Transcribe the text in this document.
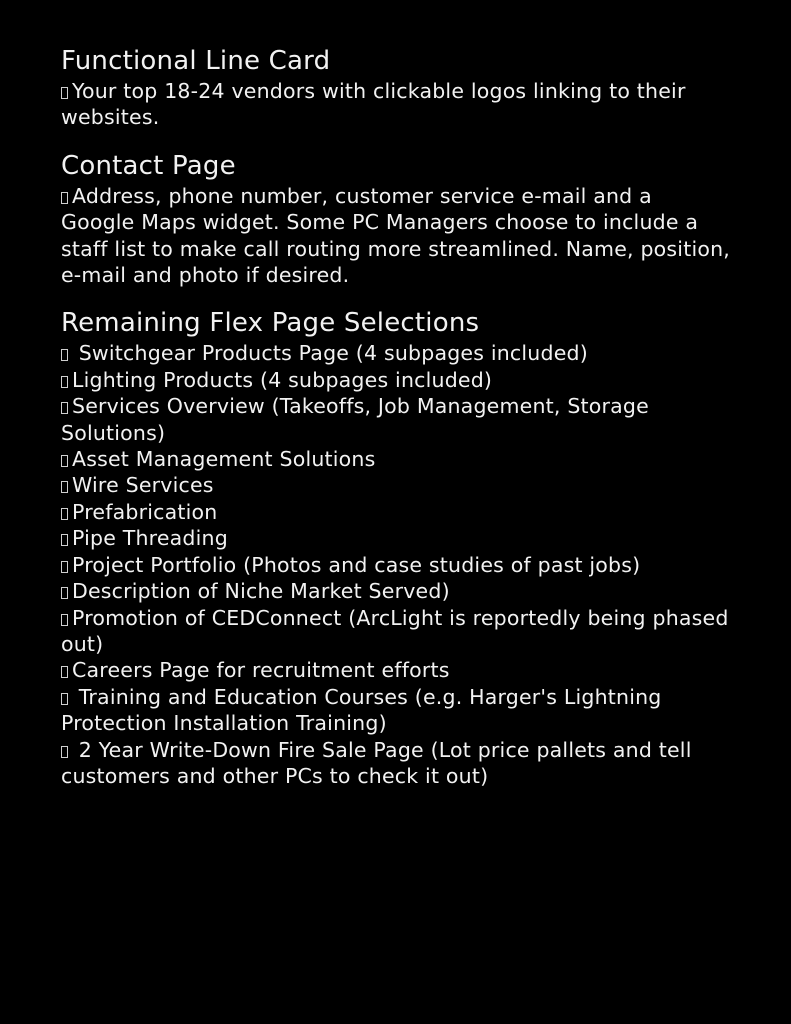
Functional Line Card

Your top 18-24 vendors with clickable logos linking to their websites.

Contact Page

Address, phone number, customer service e-mail and a Google Maps widget. Some PC Managers choose to include a staff list to make call routing more streamlined. Name, position, e-mail and photo if desired.

Remaining Flex Page Selections

Switchgear Products Page (4 subpages included)

Lighting Products (4 subpages included)

Services Overview (Takeoffs, Job Management, Storage Solutions)

Asset Management Solutions

Wire Services

Prefabrication

Pipe Threading

Project Portfolio (Photos and case studies of past jobs)

Description of Niche Market Served)

Promotion of CEDConnect (ArcLight is reportedly being phased out)

Careers Page for recruitment efforts

Training and Education Courses (e.g. Harger's Lightning Protection Installation Training)

2 Year Write-Down Fire Sale Page (Lot price pallets and tell customers and other PCs to check it out)
